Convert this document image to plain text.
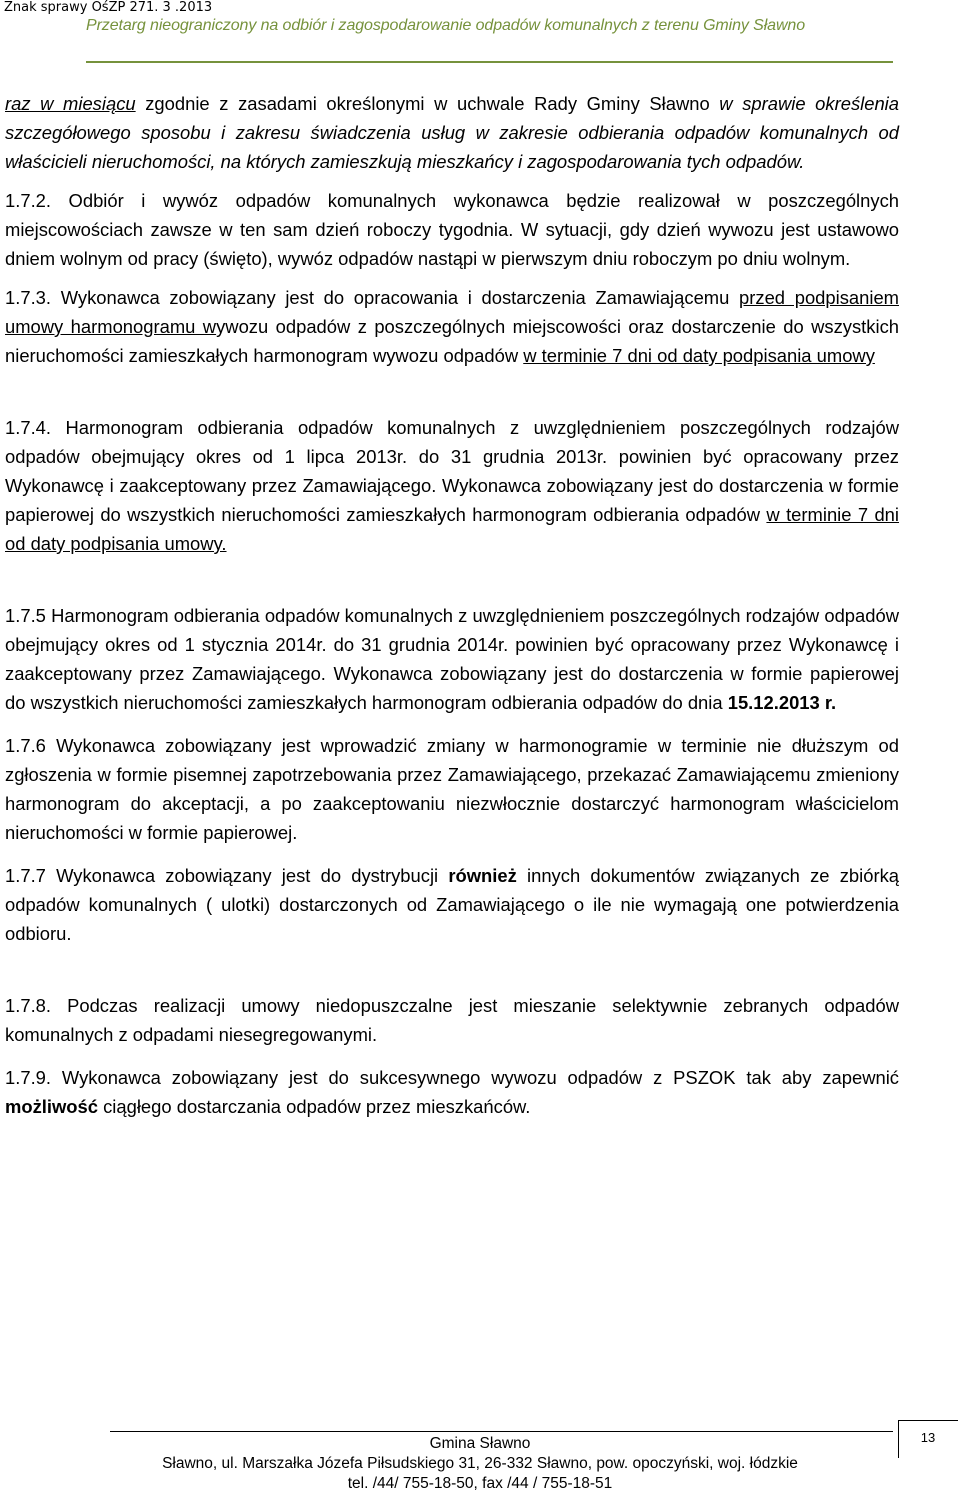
Znak sprawy OśZP 271. 3 .2013
Przetarg nieograniczony na odbiór i zagospodarowanie odpadów komunalnych z terenu Gminy Sławno

raz w miesiącu zgodnie z zasadami określonymi w uchwale Rady Gminy Sławno w sprawie określenia szczegółowego sposobu i zakresu świadczenia usług w zakresie odbierania odpadów komunalnych od właścicieli nieruchomości, na których zamieszkują mieszkańcy i zagospodarowania tych odpadów.

1.7.2. Odbiór i wywóz odpadów komunalnych wykonawca będzie realizował w poszczególnych miejscowościach zawsze w ten sam dzień roboczy tygodnia. W sytuacji, gdy dzień wywozu jest ustawowo dniem wolnym od pracy (święto), wywóz odpadów nastąpi w pierwszym dniu roboczym po dniu wolnym.

1.7.3. Wykonawca zobowiązany jest do opracowania i dostarczenia Zamawiającemu przed podpisaniem umowy harmonogramu wywozu odpadów z poszczególnych miejscowości oraz dostarczenie do wszystkich nieruchomości zamieszkałych harmonogram wywozu odpadów w terminie 7 dni od daty podpisania umowy

1.7.4. Harmonogram odbierania odpadów komunalnych z uwzględnieniem poszczególnych rodzajów odpadów obejmujący okres od 1 lipca 2013r. do 31 grudnia 2013r. powinien być opracowany przez Wykonawcę i zaakceptowany przez Zamawiającego. Wykonawca zobowiązany jest do dostarczenia w formie papierowej do wszystkich nieruchomości zamieszkałych harmonogram odbierania odpadów w terminie 7 dni od daty podpisania umowy.

1.7.5 Harmonogram odbierania odpadów komunalnych z uwzględnieniem poszczególnych rodzajów odpadów obejmujący okres od 1 stycznia 2014r. do 31 grudnia 2014r. powinien być opracowany przez Wykonawcę i zaakceptowany przez Zamawiającego. Wykonawca zobowiązany jest do dostarczenia w formie papierowej do wszystkich nieruchomości zamieszkałych harmonogram odbierania odpadów do dnia 15.12.2013 r.

1.7.6 Wykonawca zobowiązany jest wprowadzić zmiany w harmonogramie w terminie nie dłuższym od zgłoszenia w formie pisemnej zapotrzebowania przez Zamawiającego, przekazać Zamawiającemu zmieniony harmonogram do akceptacji, a po zaakceptowaniu niezwłocznie dostarczyć harmonogram właścicielom nieruchomości w formie papierowej.

1.7.7 Wykonawca zobowiązany jest do dystrybucji również innych dokumentów związanych ze zbiórką odpadów komunalnych ( ulotki) dostarczonych od Zamawiającego o ile nie wymagają one potwierdzenia odbioru.

1.7.8. Podczas realizacji umowy niedopuszczalne jest mieszanie selektywnie zebranych odpadów komunalnych z odpadami niesegregowanymi.

1.7.9. Wykonawca zobowiązany jest do sukcesywnego wywozu odpadów z PSZOK tak aby zapewnić możliwość ciągłego dostarczania odpadów przez mieszkańców.

Gmina Sławno
Sławno, ul. Marszałka Józefa Piłsudskiego 31, 26-332 Sławno, pow. opoczyński, woj. łódzkie
tel. /44/ 755-18-50, fax /44 / 755-18-51
13
